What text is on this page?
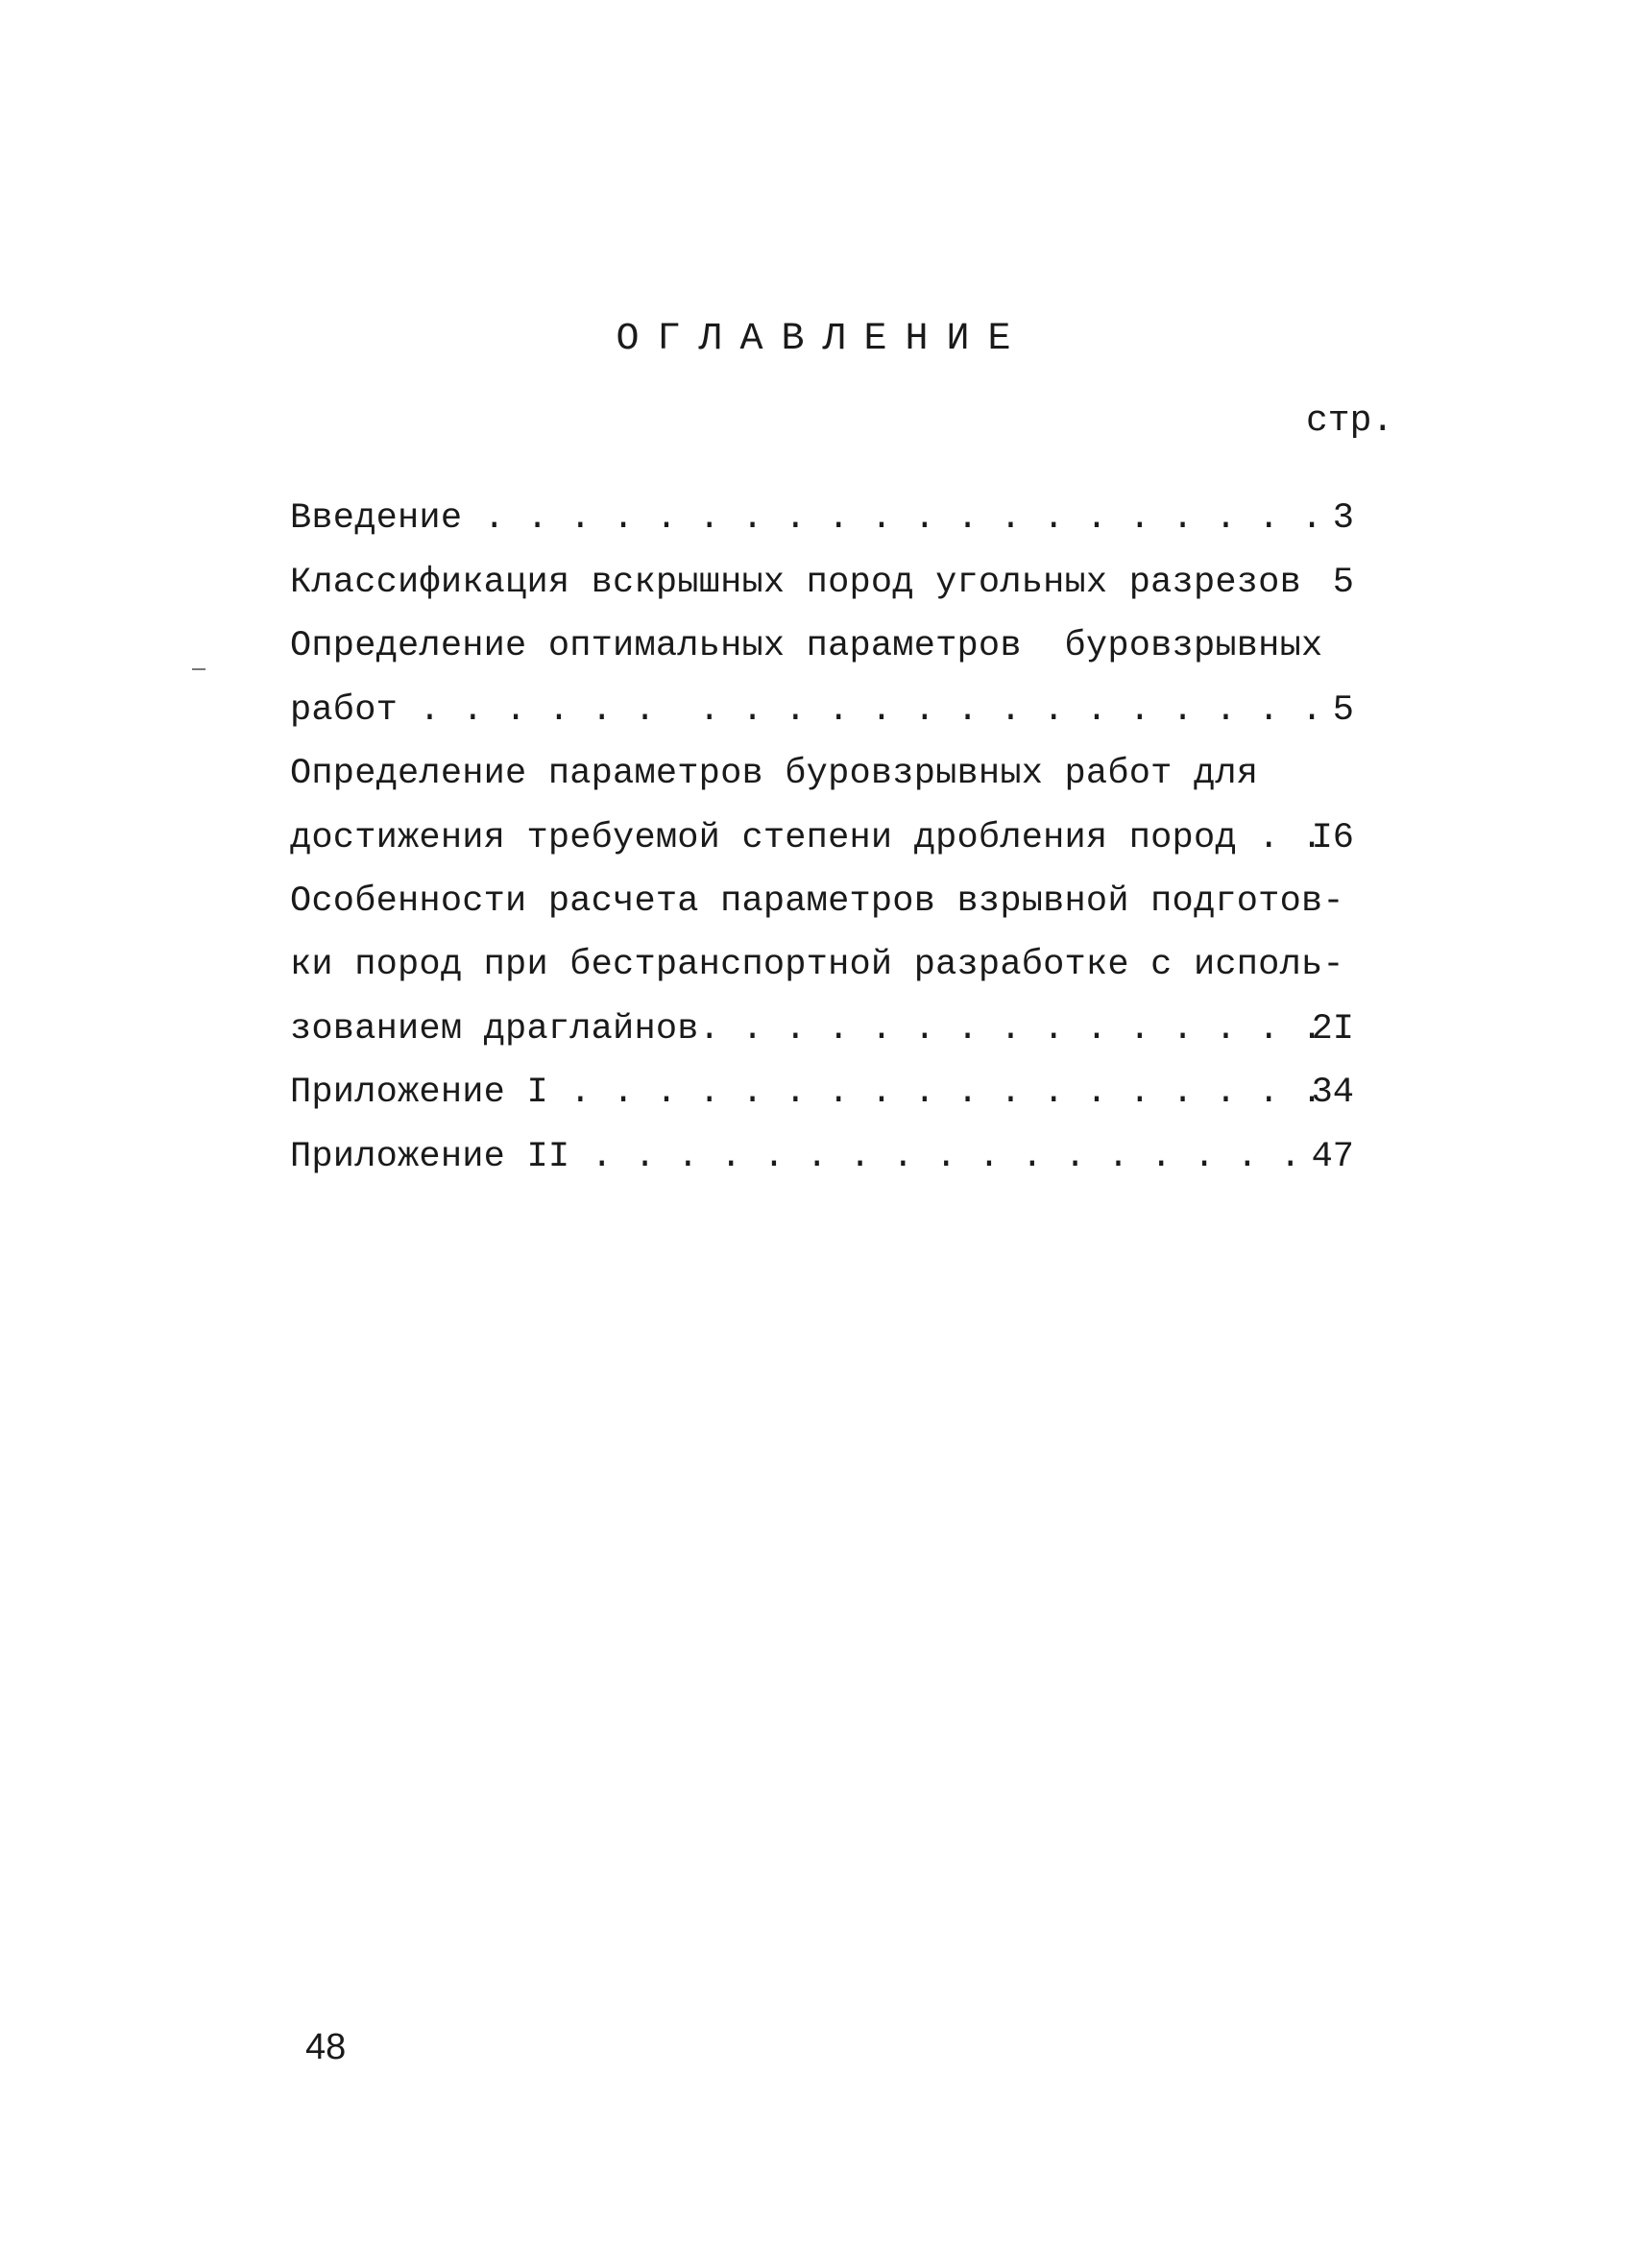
ОГЛАВЛЕНИЕ
стр.
Введение . . . . . . . . . . . . . . . . . . . .
Классификация вскрышных пород угольных разрезов
Определение оптимальных параметров  буровзрывных
работ . . . . . .  . . . . . . . . . . . . . . .
Определение параметров буровзрывных работ для
достижения требуемой степени дробления пород . .
Особенности расчета параметров взрывной подготов-
ки пород при бестранспортной разработке с исполь-
зованием драглайнов. . . . . . . . . . . . . . .
Приложение I . . . . . . . . . . . . . . . . . .
Приложение II . . . . . . . . . . . . . . . . .
3
5
5
I6
2I
34
47
48
